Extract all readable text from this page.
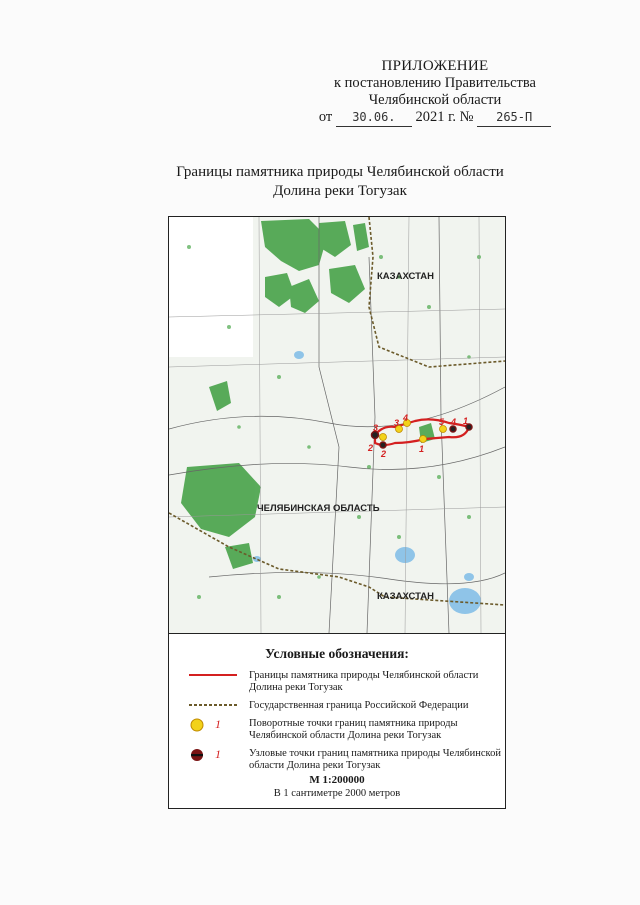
ПРИЛОЖЕНИЕ
к постановлению Правительства
Челябинской области
от 30.06. 2021 г. № 265-П
Границы памятника природы Челябинской области
Долина реки Тогузак
КАЗАХСТАН
ЧЕЛЯБИНСКАЯ ОБЛАСТЬ
КАЗАХСТАН
3
2
2
3 4
1
5 4 1
Условные обозначения:
Границы памятника природы Челябинской области Долина реки Тогузак
Государственная граница Российской Федерации
1	Поворотные точки границ памятника природы Челябинской области Долина реки Тогузак
1	Узловые точки границ памятника природы Челябинской области Долина реки Тогузак
М 1:200000
В 1 сантиметре 2000 метров
